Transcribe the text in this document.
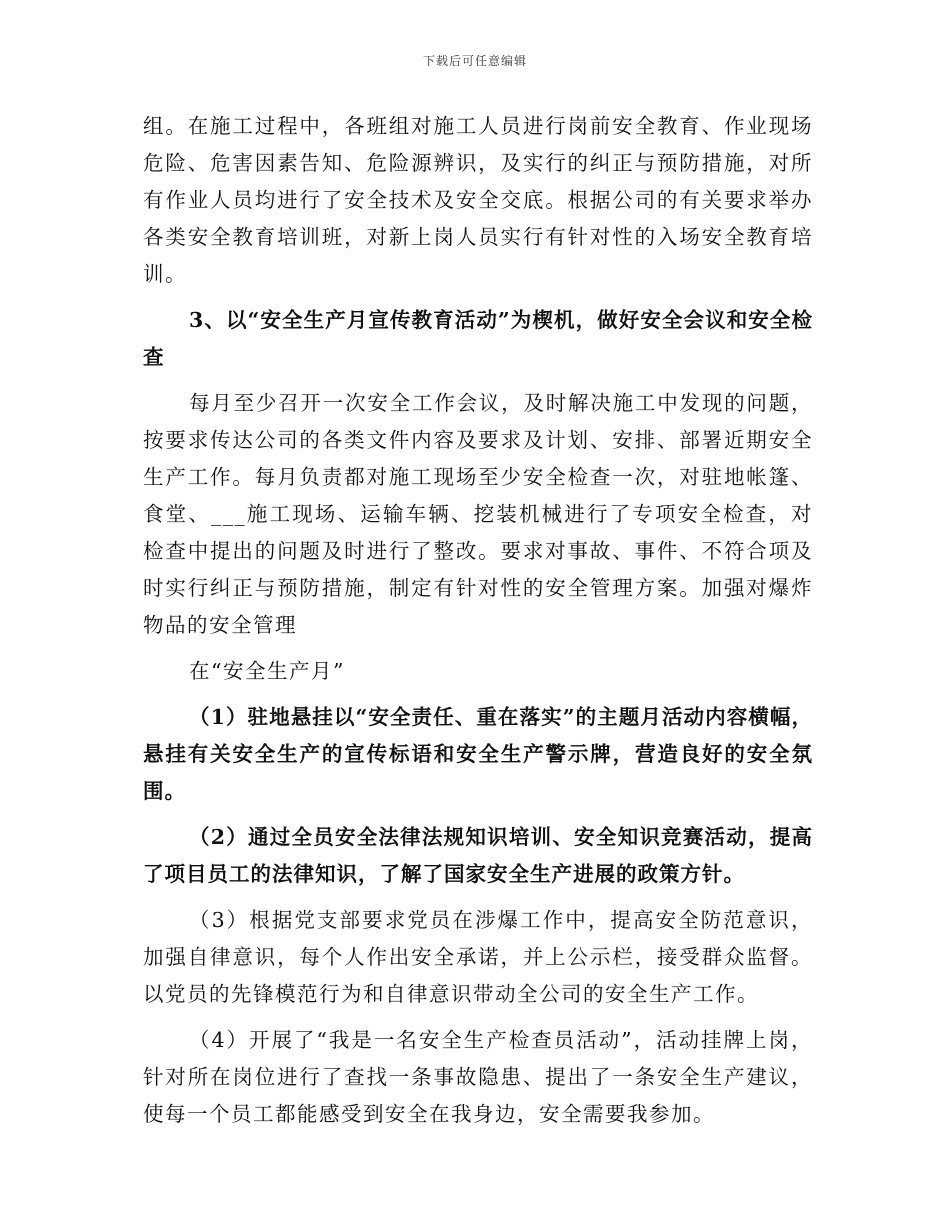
下载后可任意编辑

组。在施工过程中，各班组对施工人员进行岗前安全教育、作业现场危险、危害因素告知、危险源辨识，及实行的纠正与预防措施，对所有作业人员均进行了安全技术及安全交底。根据公司的有关要求举办各类安全教育培训班，对新上岗人员实行有针对性的入场安全教育培训。

3、以“安全生产月宣传教育活动”为楔机，做好安全会议和安全检查

每月至少召开一次安全工作会议，及时解决施工中发现的问题，按要求传达公司的各类文件内容及要求及计划、安排、部署近期安全生产工作。每月负责都对施工现场至少安全检查一次，对驻地帐篷、食堂、___施工现场、运输车辆、挖装机械进行了专项安全检查，对检查中提出的问题及时进行了整改。要求对事故、事件、不符合项及时实行纠正与预防措施，制定有针对性的安全管理方案。加强对爆炸物品的安全管理

在“安全生产月”

（1）驻地悬挂以“安全责任、重在落实”的主题月活动内容横幅，悬挂有关安全生产的宣传标语和安全生产警示牌，营造良好的安全氛围。

（2）通过全员安全法律法规知识培训、安全知识竞赛活动，提高了项目员工的法律知识，了解了国家安全生产进展的政策方针。

（3）根据党支部要求党员在涉爆工作中，提高安全防范意识，加强自律意识，每个人作出安全承诺，并上公示栏，接受群众监督。以党员的先锋模范行为和自律意识带动全公司的安全生产工作。

（4）开展了“我是一名安全生产检查员活动”，活动挂牌上岗，针对所在岗位进行了查找一条事故隐患、提出了一条安全生产建议，使每一个员工都能感受到安全在我身边，安全需要我参加。
